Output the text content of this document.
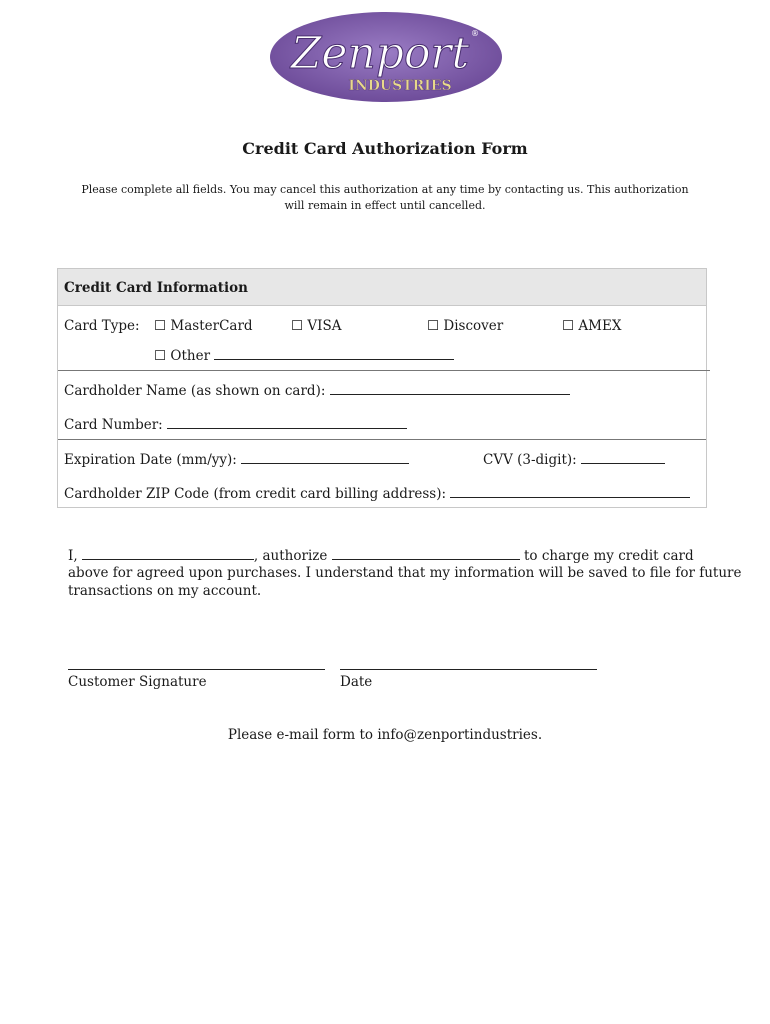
Zenport ®
INDUSTRIES
Credit Card Authorization Form
Please complete all fields. You may cancel this authorization at any time by contacting us. This authorization will remain in effect until cancelled.
Credit Card Information
Card Type: ☐ MasterCard	☐ VISA	☐ Discover	☐ AMEX
☐ Other
Cardholder Name (as shown on card):
Card Number:
Expiration Date (mm/yy):	CVV (3-digit):
Cardholder ZIP Code (from credit card billing address):
I,	, authorize	to charge my credit card
above for agreed upon purchases. I understand that my information will be saved to file for future
transactions on my account.
Customer Signature	Date
Please e-mail form to info@zenportindustries.
